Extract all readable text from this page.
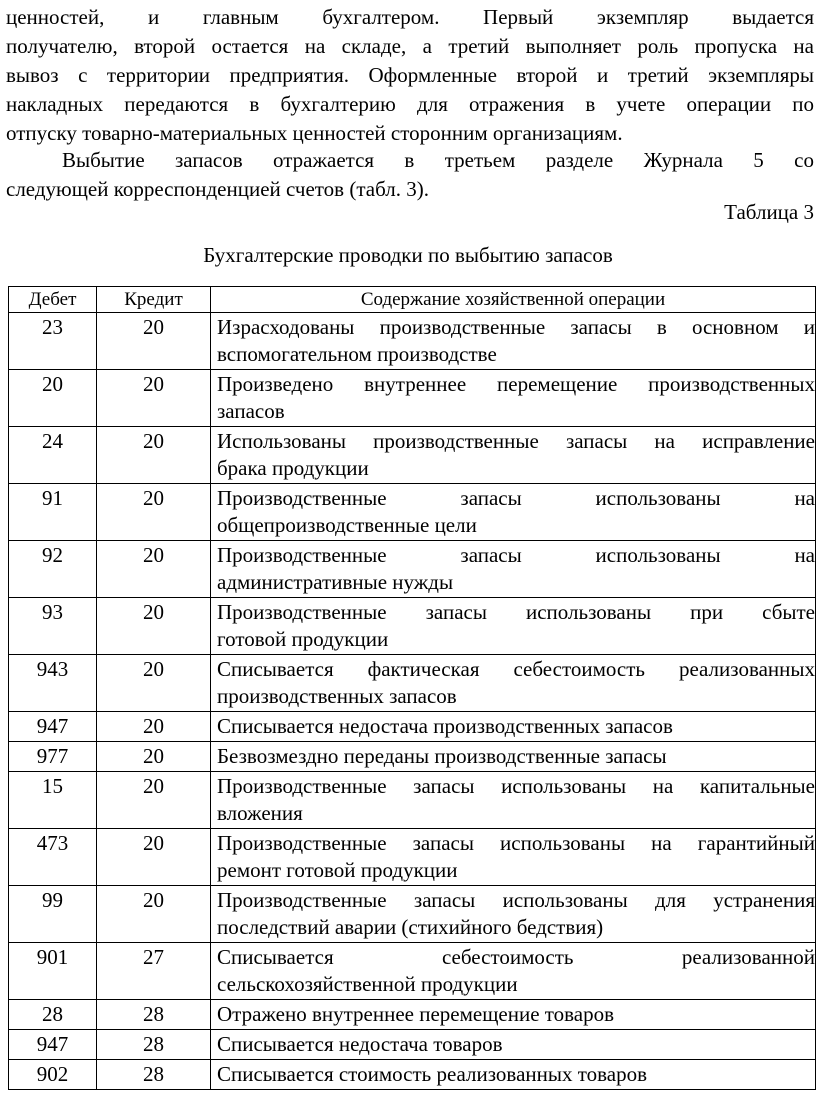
ценностей, и главным бухгалтером. Первый экземпляр выдается
получателю, второй остается на складе, а третий выполняет роль пропуска на
вывоз с территории предприятия. Оформленные второй и третий экземпляры
накладных передаются в бухгалтерию для отражения в учете операции по
отпуску товарно-материальных ценностей сторонним организациям.
Выбытие запасов отражается в третьем разделе Журнала 5 со
следующей корреспонденцией счетов (табл. 3).
Таблица 3
Бухгалтерские проводки по выбытию запасов
Дебет	Кредит	Содержание хозяйственной операции
23	20	Израсходованы производственные запасы в основном и
вспомогательном производстве

20	20	Произведено внутреннее перемещение производственных
запасов

24	20	Использованы производственные запасы на исправление
брака продукции

91	20	Производственные запасы использованы на
общепроизводственные цели

92	20	Производственные запасы использованы на
административные нужды

93	20	Производственные запасы использованы при сбыте
готовой продукции

943	20	Списывается фактическая себестоимость реализованных
производственных запасов

947	20	Списывается недостача производственных запасов

977	20	Безвозмездно переданы производственные запасы

15	20	Производственные запасы использованы на капитальные
вложения

473	20	Производственные запасы использованы на гарантийный
ремонт готовой продукции

99	20	Производственные запасы использованы для устранения
последствий аварии (стихийного бедствия)

901	27	Списывается себестоимость реализованной
сельскохозяйственной продукции

28	28	Отражено внутреннее перемещение товаров

947	28	Списывается недостача товаров

902	28	Списывается стоимость реализованных товаров
